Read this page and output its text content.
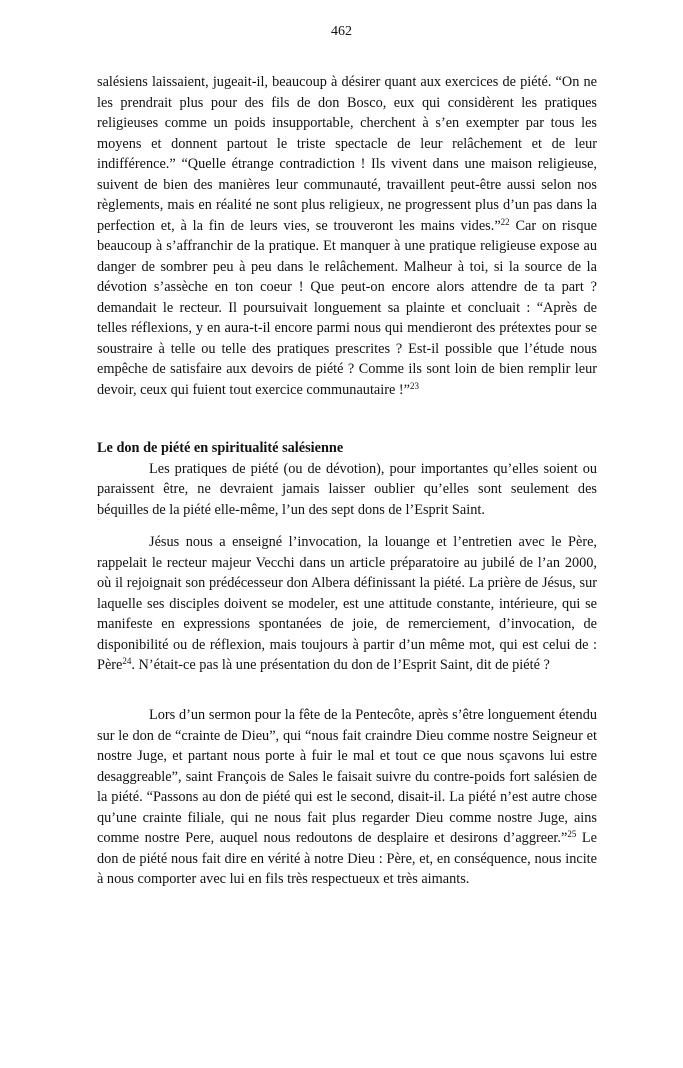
462

salésiens laissaient, jugeait-il, beaucoup à désirer quant aux exercices de piété. “On ne les prendrait plus pour des fils de don Bosco, eux qui considèrent les pratiques religieuses comme un poids insupportable, cherchent à s’en exempter par tous les moyens et donnent partout le triste spectacle de leur relâchement et de leur indifférence.” “Quelle étrange contradiction ! Ils vivent dans une maison religieuse, suivent de bien des manières leur communauté, travaillent peut-être aussi selon nos règlements, mais en réalité ne sont plus religieux, ne progressent plus d’un pas dans la perfection et, à la fin de leurs vies, se trouveront les mains vides.”$^{22}$ Car on risque beaucoup à s’affranchir de la pratique. Et manquer à une pratique religieuse expose au danger de sombrer peu à peu dans le relâchement. Malheur à toi, si la source de la dévotion s’assèche en ton coeur ! Que peut-on encore alors attendre de ta part ? demandait le recteur. Il poursuivait longuement sa plainte et concluait : “Après de telles réflexions, y en aura-t-il encore parmi nous qui mendieront des prétextes pour se soustraire à telle ou telle des pratiques prescrites ? Est-il possible que l’étude nous empêche de satisfaire aux devoirs de piété ? Comme ils sont loin de bien remplir leur devoir, ceux qui fuient tout exercice communautaire !”$^{23}$

Le don de piété en spiritualité salésienne

Les pratiques de piété (ou de dévotion), pour importantes qu’elles soient ou paraissent être, ne devraient jamais laisser oublier qu’elles sont seulement des béquilles de la piété elle-même, l’un des sept dons de l’Esprit Saint.

Jésus nous a enseigné l’invocation, la louange et l’entretien avec le Père, rappelait le recteur majeur Vecchi dans un article préparatoire au jubilé de l’an 2000, où il rejoignait son prédécesseur don Albera définissant la piété. La prière de Jésus, sur laquelle ses disciples doivent se modeler, est une attitude constante, intérieure, qui se manifeste en expressions spontanées de joie, de remerciement, d’invocation, de disponibilité ou de réflexion, mais toujours à partir d’un même mot, qui est celui de : Père$^{24}$. N’était-ce pas là une présentation du don de l’Esprit Saint, dit de piété ?

Lors d’un sermon pour la fête de la Pentecôte, après s’être longuement étendu sur le don de “crainte de Dieu”, qui “nous fait craindre Dieu comme nostre Seigneur et nostre Juge, et partant nous porte à fuir le mal et tout ce que nous sçavons lui estre desaggreable”, saint François de Sales le faisait suivre du contre-poids fort salésien de la piété. “Passons au don de piété qui est le second, disait-il. La piété n’est autre chose qu’une crainte filiale, qui ne nous fait plus regarder Dieu comme nostre Juge, ains comme nostre Pere, auquel nous redoutons de desplaire et desirons d’aggreer.”$^{25}$ Le don de piété nous fait dire en vérité à notre Dieu : Père, et, en conséquence, nous incite à nous comporter avec lui en fils très respectueux et très aimants.
